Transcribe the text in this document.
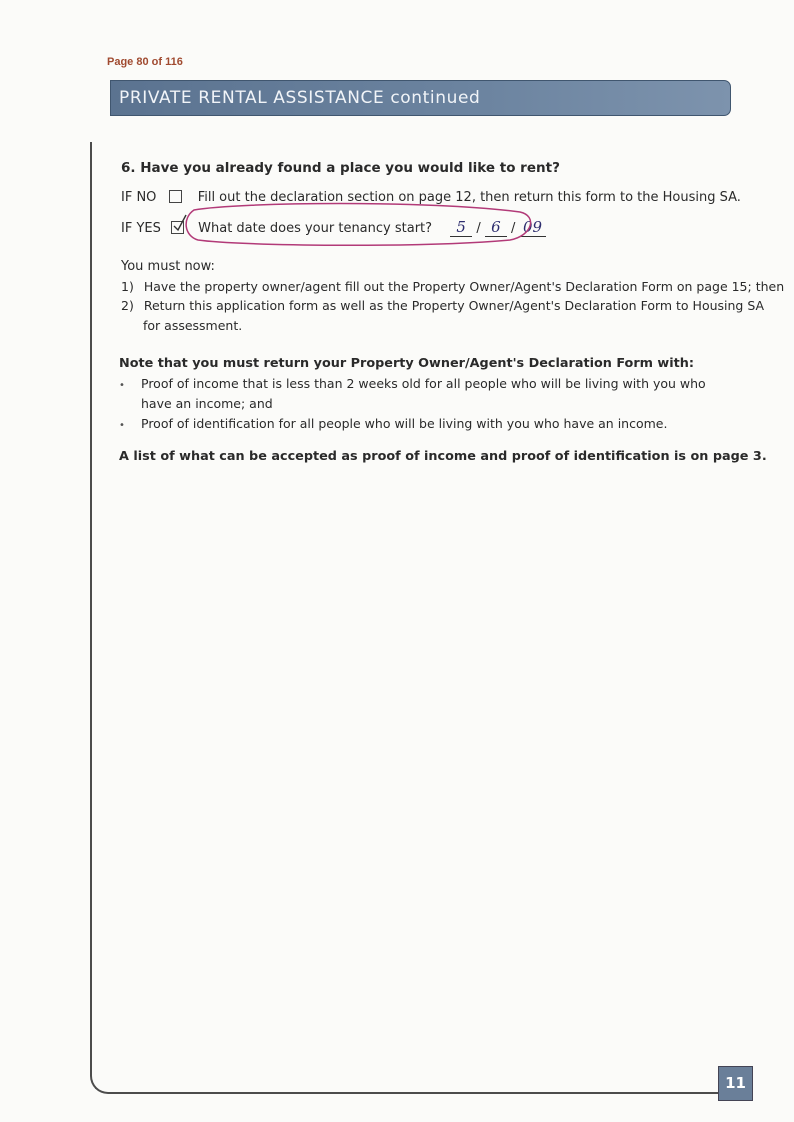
Page 80 of 116
PRIVATE RENTAL ASSISTANCE continued
6. Have you already found a place you would like to rent?
IF NO	Fill out the declaration section on page 12, then return this form to the Housing SA.
IF YES	What date does your tenancy start? 5 / 6 / 09
You must now:
1) Have the property owner/agent fill out the Property Owner/Agent's Declaration Form on page 15; then
2) Return this application form as well as the Property Owner/Agent's Declaration Form to Housing SA
for assessment.
Note that you must return your Property Owner/Agent's Declaration Form with:
• Proof of income that is less than 2 weeks old for all people who will be living with you who
have an income; and
• Proof of identification for all people who will be living with you who have an income.
A list of what can be accepted as proof of income and proof of identification is on page 3.
11
